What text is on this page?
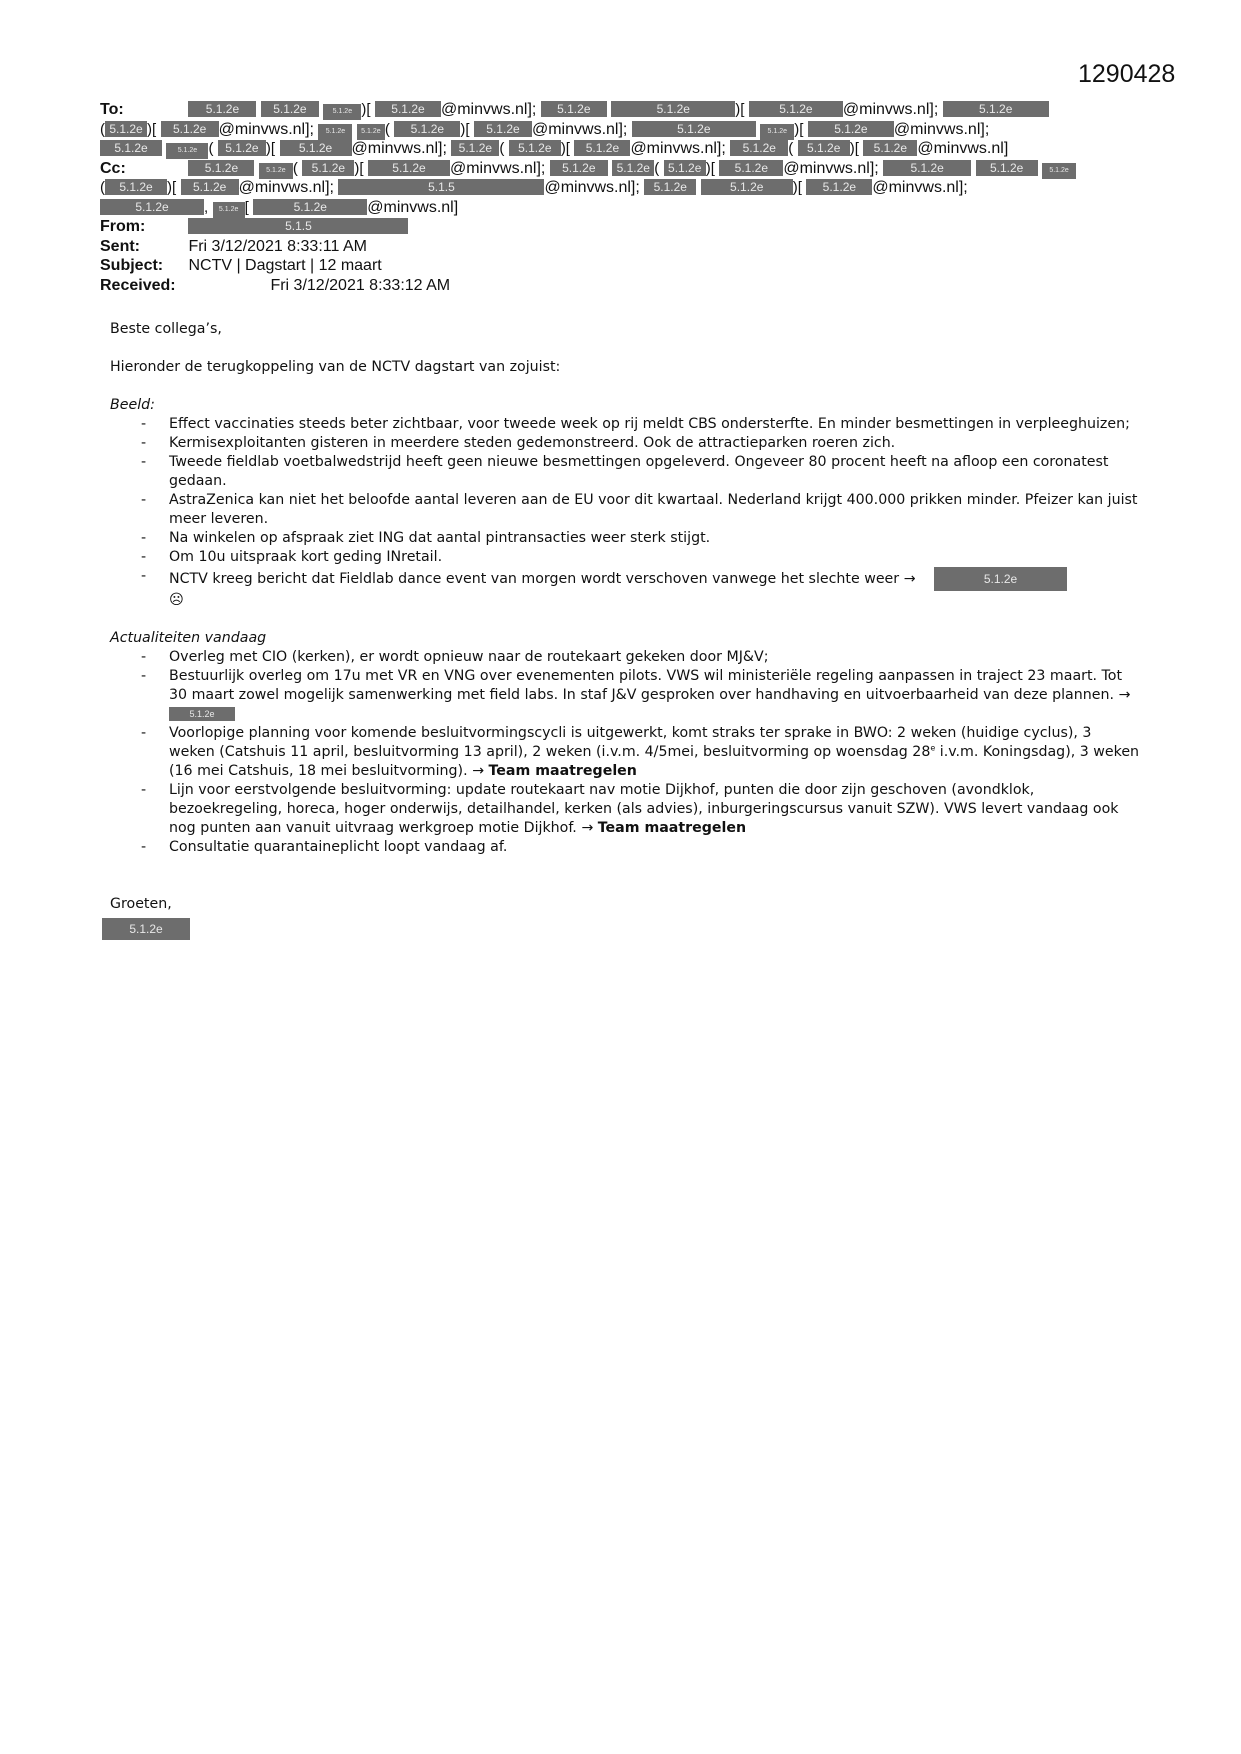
1290428
To:	5.1.2e	5.1.2e	5.1.2e )[ 5.1.2e @minvws.nl]; 5.1.2e	5.1.2e	)[	5.1.2e @minvws.nl];	5.1.2e
( 5.1.2e )[ 5.1.2e @minvws.nl]; 5.1.2e 5.1.2e ( 5.1.2e )[ 5.1.2e @minvws.nl];	5.1.2e	5.1.2e )[	5.1.2e @minvws.nl];
5.1.2e	5.1.2e ( 5.1.2e )[ 5.1.2e @minvws.nl]; 5.1.2e ( 5.1.2e )[ 5.1.2e @minvws.nl]; 5.1.2e ( 5.1.2e )[ 5.1.2e @minvws.nl]
Cc:	5.1.2e	5.1.2e ( 5.1.2e )[ 5.1.2e @minvws.nl]; 5.1.2e 5.1.2e ( 5.1.2e )[ 5.1.2e @minvws.nl];	5.1.2e	5.1.2e	5.1.2e
( 5.1.2e )[ 5.1.2e @minvws.nl];	5.1.5	@minvws.nl]; 5.1.2e	5.1.2e )[ 5.1.2e @minvws.nl];
5.1.2e , 5.1.2e [	5.1.2e	@minvws.nl]
From:	5.1.5
Sent:	Fri 3/12/2021 8:33:11 AM
Subject: NCTV | Dagstart | 12 maart
Received:	Fri 3/12/2021 8:33:12 AM

Beste collega’s,

Hieronder de terugkoppeling van de NCTV dagstart van zojuist:

Beeld:

- Effect vaccinaties steeds beter zichtbaar, voor tweede week op rij meldt CBS ondersterfte. En minder besmettingen in verpleeghuizen;
- Kermisexploitanten gisteren in meerdere steden gedemonstreerd. Ook de attractieparken roeren zich.
- Tweede fieldlab voetbalwedstrijd heeft geen nieuwe besmettingen opgeleverd. Ongeveer 80 procent heeft na afloop een coronatest gedaan.
- AstraZenica kan niet het beloofde aantal leveren aan de EU voor dit kwartaal. Nederland krijgt 400.000 prikken minder. Pfeizer kan juist meer leveren.
- Na winkelen op afspraak ziet ING dat aantal pintransacties weer sterk stijgt.
- Om 10u uitspraak kort geding INretail.
- NCTV kreeg bericht dat Fieldlab dance event van morgen wordt verschoven vanwege het slechte weer →	5.1.2e
☹

Actualiteiten vandaag

- Overleg met CIO (kerken), er wordt opnieuw naar de routekaart gekeken door MJ&V;
- Bestuurlijk overleg om 17u met VR en VNG over evenementen pilots. VWS wil ministeriële regeling aanpassen in traject 23 maart. Tot 30 maart zowel mogelijk samenwerking met field labs. In staf J&V gesproken over handhaving en uitvoerbaarheid van deze plannen. → 5.1.2e
- Voorlopige planning voor komende besluitvormingscycli is uitgewerkt, komt straks ter sprake in BWO: 2 weken (huidige cyclus), 3 weken (Catshuis 11 april, besluitvorming 13 april), 2 weken (i.v.m. 4/5mei, besluitvorming op woensdag 28e i.v.m. Koningsdag), 3 weken (16 mei Catshuis, 18 mei besluitvorming). → Team maatregelen
- Lijn voor eerstvolgende besluitvorming: update routekaart nav motie Dijkhof, punten die door zijn geschoven (avondklok, bezoekregeling, horeca, hoger onderwijs, detailhandel, kerken (als advies), inburgeringscursus vanuit SZW). VWS levert vandaag ook nog punten aan vanuit uitvraag werkgroep motie Dijkhof. → Team maatregelen
- Consultatie quarantaineplicht loopt vandaag af.

Groeten,

5.1.2e
